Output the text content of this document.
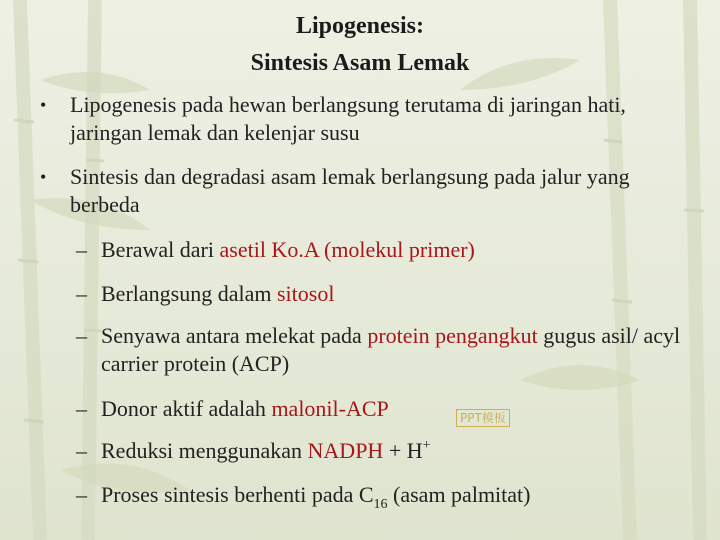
Lipogenesis:
Sintesis Asam Lemak
• Lipogenesis pada hewan berlangsung terutama di jaringan hati, jaringan lemak dan kelenjar susu
• Sintesis dan degradasi asam lemak berlangsung pada jalur yang berbeda
– Berawal dari asetil Ko.A (molekul primer)
– Berlangsung dalam sitosol
– Senyawa antara melekat pada protein pengangkut gugus asil/ acyl carrier protein (ACP)
– Donor aktif adalah malonil-ACP
– Reduksi menggunakan NADPH + H+
– Proses sintesis berhenti pada $C_{16}$ (asam palmitat)
PPT模板
